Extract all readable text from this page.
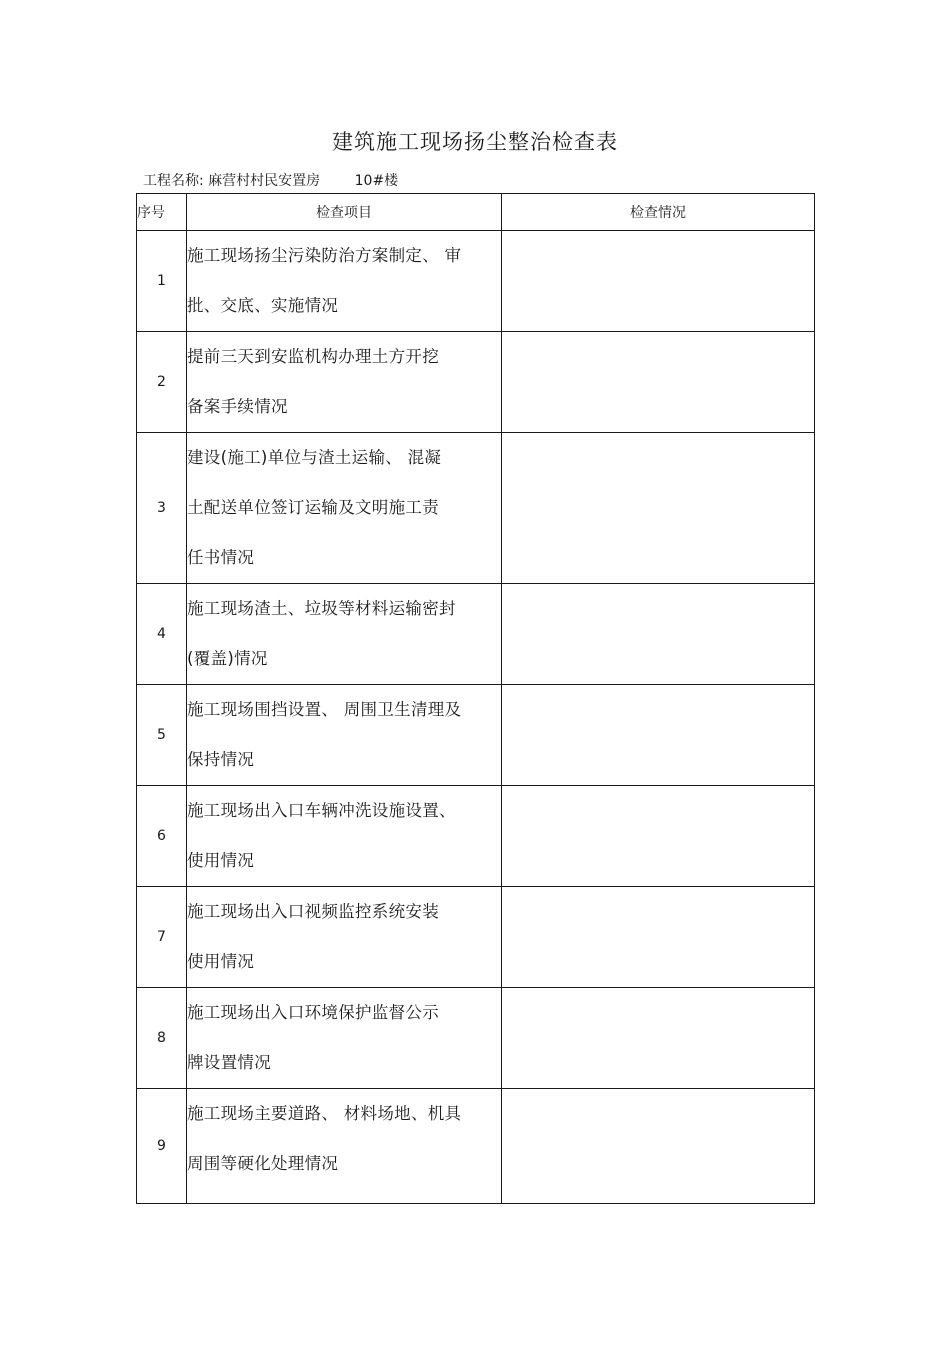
建筑施工现场扬尘整治检查表
工程名称: 麻营村村民安置房 10#楼
序号	检查项目	检查情况
1	施工现场扬尘污染防治方案制定、 审
批、交底、实施情况	

2	提前三天到安监机构办理土方开挖
备案手续情况	

3	建设(施工)单位与渣土运输、 混凝
土配送单位签订运输及文明施工责
任书情况	

4	施工现场渣土、垃圾等材料运输密封
(覆盖)情况	

5	施工现场围挡设置、 周围卫生清理及
保持情况	

6	施工现场出入口车辆冲洗设施设置、
使用情况	

7	施工现场出入口视频监控系统安装
使用情况	

8	施工现场出入口环境保护监督公示
牌设置情况	

9	施工现场主要道路、 材料场地、机具
周围等硬化处理情况	
